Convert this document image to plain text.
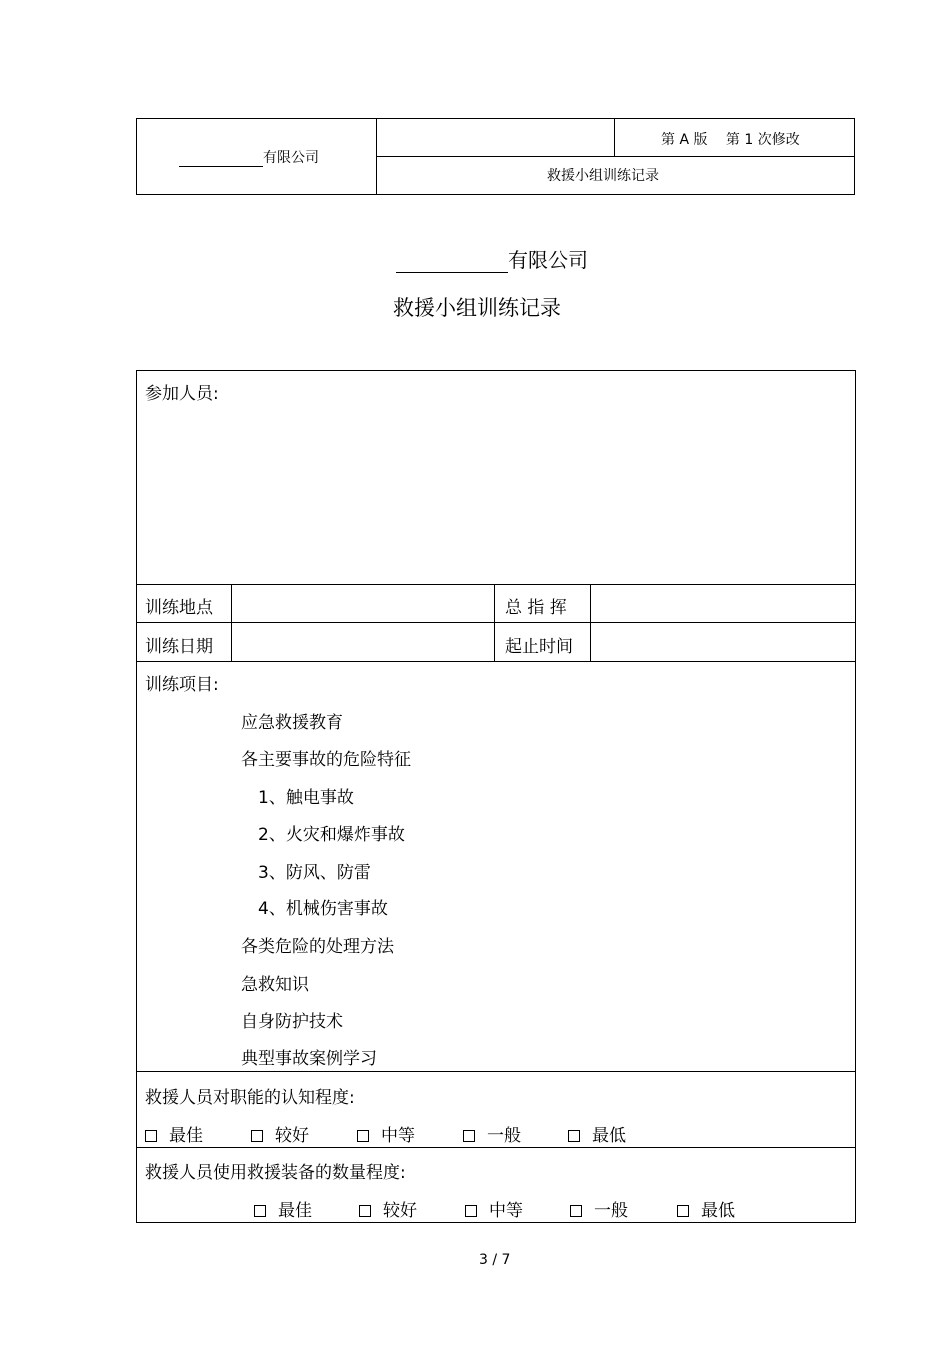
有限公司
第 A 版　 第 1 次修改
救援小组训练记录
有限公司
救援小组训练记录
参加人员:
训练地点	总 指 挥
训练日期	起止时间
训练项目:
应急救援教育
各主要事故的危险特征
1、触电事故
2、火灾和爆炸事故
3、防风、防雷
4、机械伤害事故
各类危险的处理方法
急救知识
自身防护技术
典型事故案例学习
救援人员对职能的认知程度:
最佳	较好	中等	一般	最低
救援人员使用救援装备的数量程度:
最佳	较好	中等	一般	最低
3 / 7
